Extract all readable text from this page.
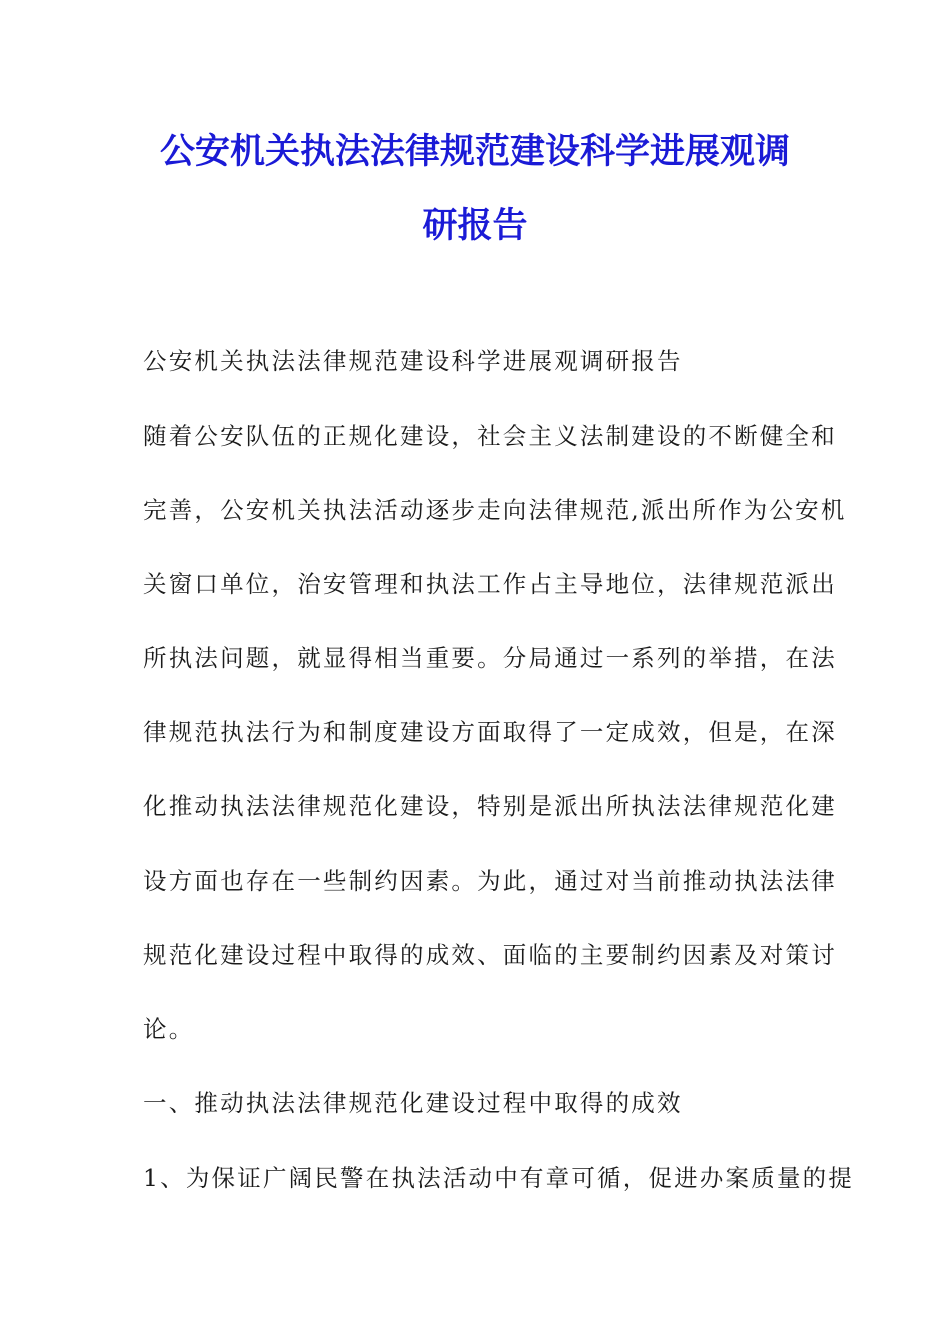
公安机关执法法律规范建设科学进展观调
研报告
公安机关执法法律规范建设科学进展观调研报告
随着公安队伍的正规化建设，社会主义法制建设的不断健全和
完善，公安机关执法活动逐步走向法律规范,派出所作为公安机
关窗口单位，治安管理和执法工作占主导地位，法律规范派出
所执法问题，就显得相当重要。分局通过一系列的举措，在法
律规范执法行为和制度建设方面取得了一定成效，但是，在深
化推动执法法律规范化建设，特别是派出所执法法律规范化建
设方面也存在一些制约因素。为此，通过对当前推动执法法律
规范化建设过程中取得的成效、面临的主要制约因素及对策讨
论。
一、推动执法法律规范化建设过程中取得的成效
1、为保证广阔民警在执法活动中有章可循，促进办案质量的提
